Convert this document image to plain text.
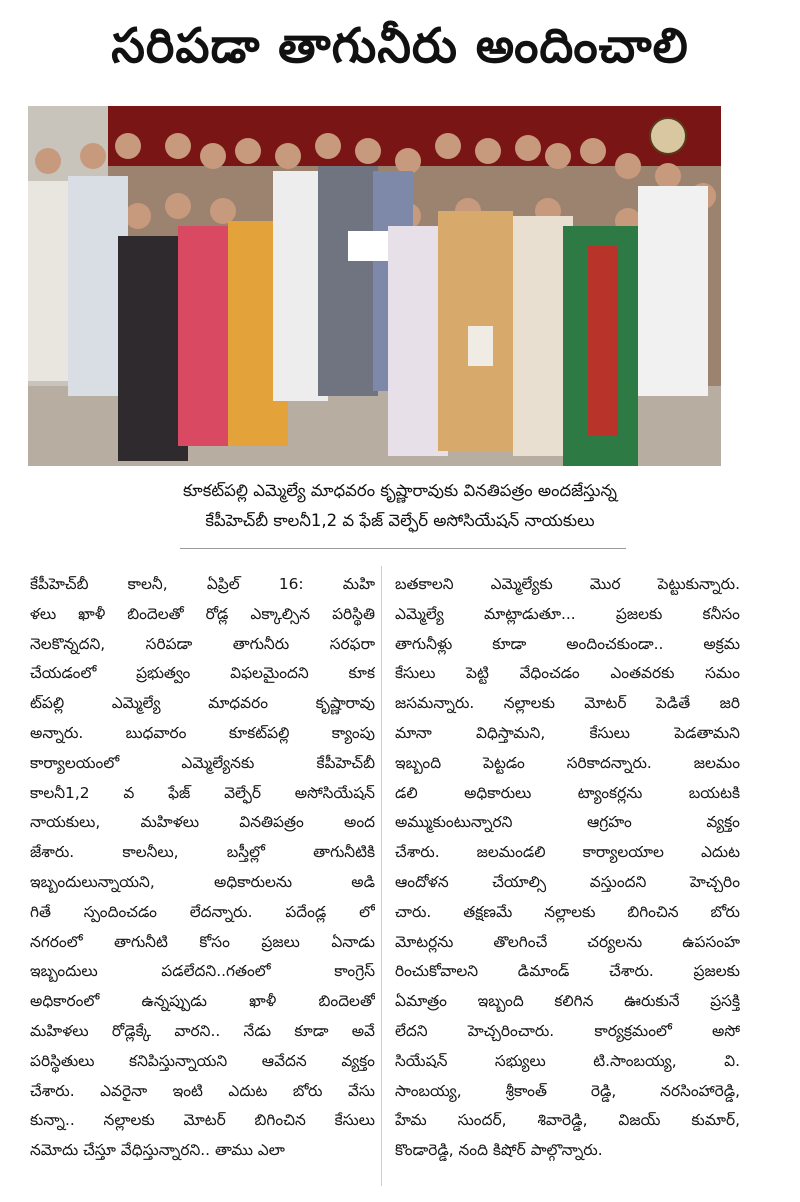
సరిపడా తాగునీరు అందించాలి
కూకట్‌పల్లి ఎమ్మెల్యే మాధవరం కృష్ణారావుకు వినతిపత్రం అందజేస్తున్న
కేపీహెచ్‌బీ కాలనీ1,2 వ ఫేజ్ వెల్ఫేర్ అసోసియేషన్ నాయకులు
కేపీహెచ్‌బీ కాలనీ, ఏప్రిల్ 16: మహి
ళలు ఖాళీ బిందెలతో రోడ్ల ఎక్కాల్సిన పరిస్థితి
నెలకొన్నదని, సరిపడా తాగునీరు సరఫరా
చేయడంలో ప్రభుత్వం విఫలమైందని కూక
ట్‌పల్లి ఎమ్మెల్యే మాధవరం కృష్ణారావు
అన్నారు. బుధవారం కూకట్‌పల్లి క్యాంపు
కార్యాలయంలో ఎమ్మెల్యేనకు కేపీహెచ్‌బీ
కాలనీ1,2 వ ఫేజ్ వెల్ఫేర్ అసోసియేషన్
నాయకులు, మహిళలు వినతిపత్రం అంద
జేశారు. కాలనీలు, బస్తీల్లో తాగునీటికి
ఇబ్బందులున్నాయని, అధికారులను అడి
గితే స్పందించడం లేదన్నారు. పదేండ్ల లో
నగరంలో తాగునీటి కోసం ప్రజలు ఏనాడు
ఇబ్బందులు పడలేదని..గతంలో కాంగ్రెస్
అధికారంలో ఉన్నప్పుడు ఖాళీ బిందెలతో
మహిళలు రోడ్లెక్కే వారని.. నేడు కూడా అవే
పరిస్థితులు కనిపిస్తున్నాయని ఆవేదన వ్యక్తం
చేశారు. ఎవరైనా ఇంటి ఎదుట బోరు వేసు
కున్నా.. నల్లాలకు మోటర్ బిగించిన కేసులు
నమోదు చేస్తూ వేధిస్తున్నారని.. తాము ఎలా
బతకాలని ఎమ్మెల్యేకు మొర పెట్టుకున్నారు.
ఎమ్మెల్యే మాట్లాడుతూ... ప్రజలకు కనీసం
తాగునీళ్లు కూడా అందించకుండా.. అక్రమ
కేసులు పెట్టి వేధించడం ఎంతవరకు సమం
జసమన్నారు. నల్లాలకు మోటర్ పెడితే జరి
మానా విధిస్తామని, కేసులు పెడతామని
ఇబ్బంది పెట్టడం సరికాదన్నారు. జలమం
డలి అధికారులు ట్యాంకర్లను బయటకి
అమ్ముకుంటున్నారని ఆగ్రహం వ్యక్తం
చేశారు. జలమండలి కార్యాలయాల ఎదుట
ఆందోళన చేయాల్సి వస్తుందని హెచ్చరిం
చారు. తక్షణమే నల్లాలకు బిగించిన బోరు
మోటర్లను తొలగించే చర్యలను ఉపసంహ
రించుకోవాలని డిమాండ్ చేశారు. ప్రజలకు
ఏమాత్రం ఇబ్బంది కలిగిన ఊరుకునే ప్రసక్తి
లేదని హెచ్చరించారు. కార్యక్రమంలో అసో
సియేషన్ సభ్యులు టి.సాంబయ్య, వి.
సాంబయ్య, శ్రీకాంత్ రెడ్డి, నరసింహారెడ్డి,
హేమ సుందర్, శివారెడ్డి, విజయ్ కుమార్,
కొండారెడ్డి, నంది కిషోర్ పాల్గొన్నారు.
